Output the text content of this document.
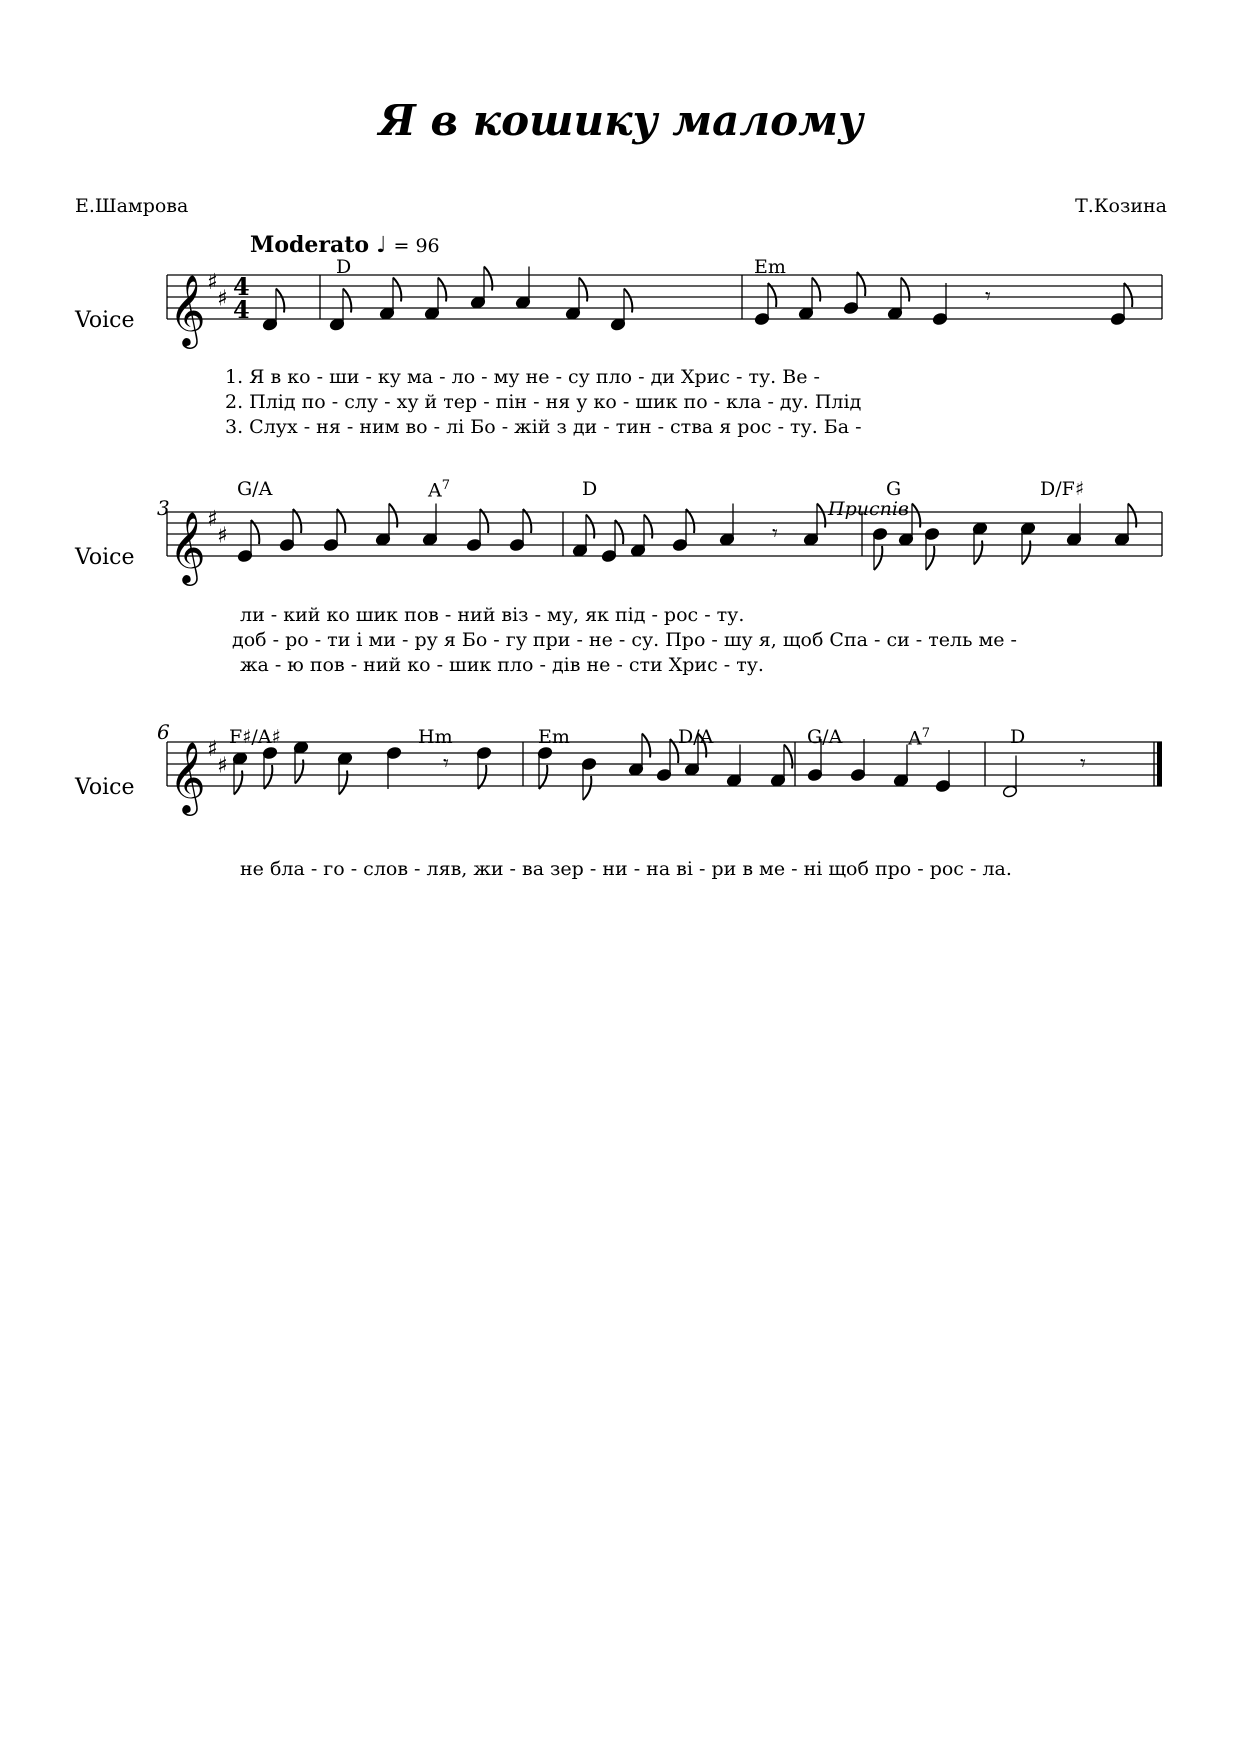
Я в кошику малому
Е.Шамрова	Т.Козина
Moderato ♩ = 96
Voice
Voice
Voice
3
6
Приспів
D	Em
G/A	$A^7$	D	G	D/F♯
F♯/A♯	Hm	Em	D/A	G/A	$A^7$	D
1. Я в ко - ши - ку ма - ло - му не - су пло - ди Хрис - ту. Ве -
2. Плід по - слу - ху й тер - пін - ня у ко - шик по - кла - ду. Плід
3. Слух - ня - ним во - лі Бо - жій з ди - тин - ства я рос - ту. Ба -
ли - кий ко шик пов - ний віз - му, як під - рос - ту.
доб - ро - ти і ми - ру я Бо - гу при - не - су. Про - шу я, щоб Спа - си - тель ме -
жа - ю пов - ний ко - шик пло - дів не - сти Хрис - ту.
не бла - го - слов - ляв, жи - ва зер - ни - на ві - ри в ме - ні щоб про - рос - ла.
𝄞 ♯
♯ 4
4	𝄾
𝄞 ♯
♯	𝄾
𝄞 ♯
♯	𝄾	𝄾
